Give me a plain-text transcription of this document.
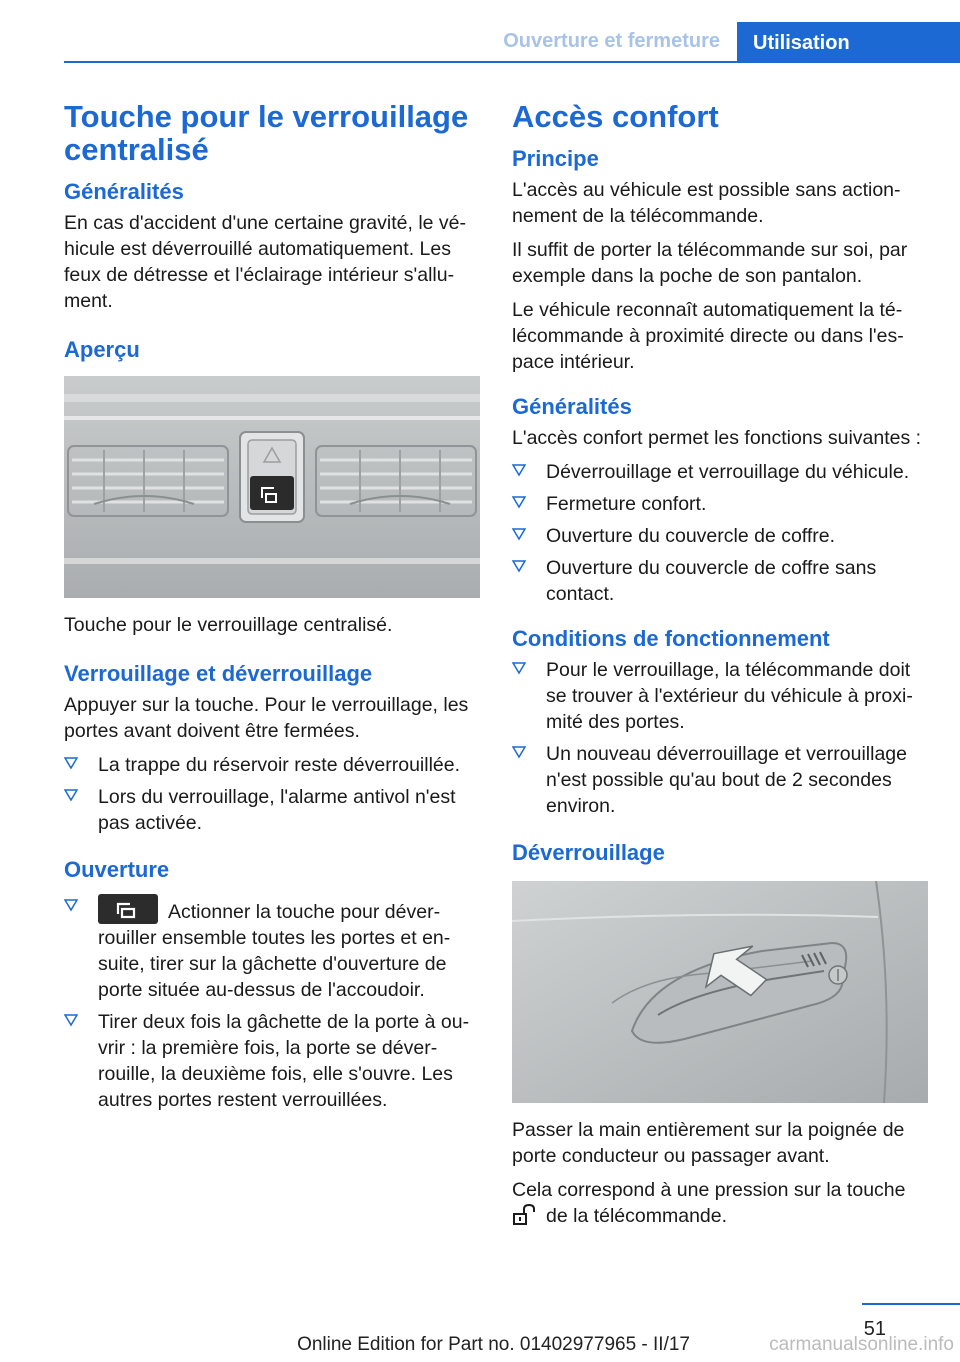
Ouverture et fermeture	Utilisation
Touche pour le verrouillage centralisé
Généralités

En cas d'accident d'une certaine gravité, le véhicule est déverrouillé automatiquement. Les feux de détresse et l'éclairage intérieur s'allument.

Aperçu

Touche pour le verrouillage centralisé.

Verrouillage et déverrouillage

Appuyer sur la touche. Pour le verrouillage, les portes avant doivent être fermées.

La trappe du réservoir reste déverrouillée.
Lors du verrouillage, l'alarme antivol n'est pas activée.
Ouverture
Actionner la touche pour déverrouiller ensemble toutes les portes et ensuite, tirer sur la gâchette d'ouverture de porte située au-dessus de l'accoudoir.
Tirer deux fois la gâchette de la porte à ouvrir : la première fois, la porte se déverrouille, la deuxième fois, elle s'ouvre. Les autres portes restent verrouillées.
Accès confort
Principe

L'accès au véhicule est possible sans actionnement de la télécommande.

Il suffit de porter la télécommande sur soi, par exemple dans la poche de son pantalon.

Le véhicule reconnaît automatiquement la télécommande à proximité directe ou dans l'espace intérieur.

Généralités

L'accès confort permet les fonctions suivantes :

Déverrouillage et verrouillage du véhicule.
Fermeture confort.
Ouverture du couvercle de coffre.
Ouverture du couvercle de coffre sans contact.
Conditions de fonctionnement
Pour le verrouillage, la télécommande doit se trouver à l'extérieur du véhicule à proximité des portes.
Un nouveau déverrouillage et verrouillage n'est possible qu'au bout de 2 secondes environ.
Déverrouillage

Passer la main entièrement sur la poignée de porte conducteur ou passager avant.

Cela correspond à une pression sur la touche
de la télécommande.

51
Online Edition for Part no. 01402977965 - II/17	carmanualsonline.info
